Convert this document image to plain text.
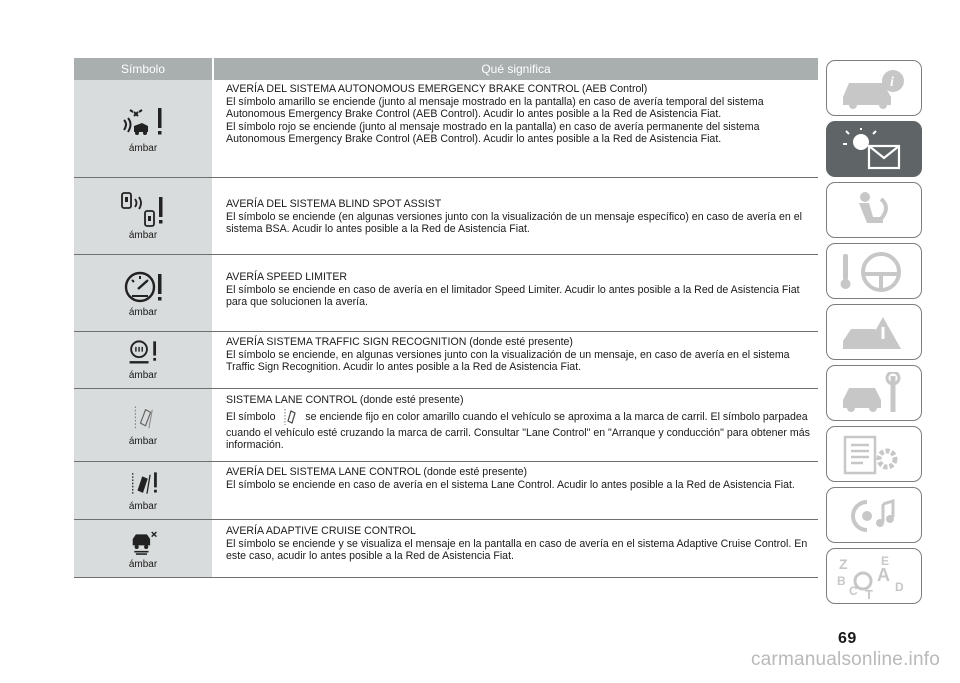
Símbolo	Qué significa
ámbar

AVERÍA DEL SISTEMA AUTONOMOUS EMERGENCY BRAKE CONTROL (AEB Control)

El símbolo amarillo se enciende (junto al mensaje mostrado en la pantalla) en caso de avería temporal del sistema Autonomous Emergency Brake Control (AEB Control). Acudir lo antes posible a la Red de Asistencia Fiat.

El símbolo rojo se enciende (junto al mensaje mostrado en la pantalla) en caso de avería permanente del sistema Autonomous Emergency Brake Control (AEB Control). Acudir lo antes posible a la Red de Asistencia Fiat.

ámbar

AVERÍA DEL SISTEMA BLIND SPOT ASSIST

El símbolo se enciende (en algunas versiones junto con la visualización de un mensaje específico) en caso de avería en el sistema BSA. Acudir lo antes posible a la Red de Asistencia Fiat.

ámbar

AVERÍA SPEED LIMITER

El símbolo se enciende en caso de avería en el limitador Speed Limiter. Acudir lo antes posible a la Red de Asistencia Fiat para que solucionen la avería.

ámbar

AVERÍA SISTEMA TRAFFIC SIGN RECOGNITION (donde esté presente)

El símbolo se enciende, en algunas versiones junto con la visualización de un mensaje, en caso de avería en el sistema Traffic Sign Recognition. Acudir lo antes posible a la Red de Asistencia Fiat.

ámbar

SISTEMA LANE CONTROL (donde esté presente)

El símbolo	se enciende fijo en color amarillo cuando el vehículo se aproxima a la marca de carril. El símbolo parpadea cuando el vehículo esté cruzando la marca de carril. Consultar "Lane Control" en "Arranque y conducción" para obtener más información.

ámbar

AVERÍA DEL SISTEMA LANE CONTROL (donde esté presente)

El símbolo se enciende en caso de avería en el sistema Lane Control. Acudir lo antes posible a la Red de Asistencia Fiat.

ámbar

AVERÍA ADAPTIVE CRUISE CONTROL

El símbolo se enciende y se visualiza el mensaje en la pantalla en caso de avería en el sistema Adaptive Cruise Control. En este caso, acudir lo antes posible a la Red de Asistencia Fiat.

i
Z	E
A
B
C T D
69
carmanualsonline.info
